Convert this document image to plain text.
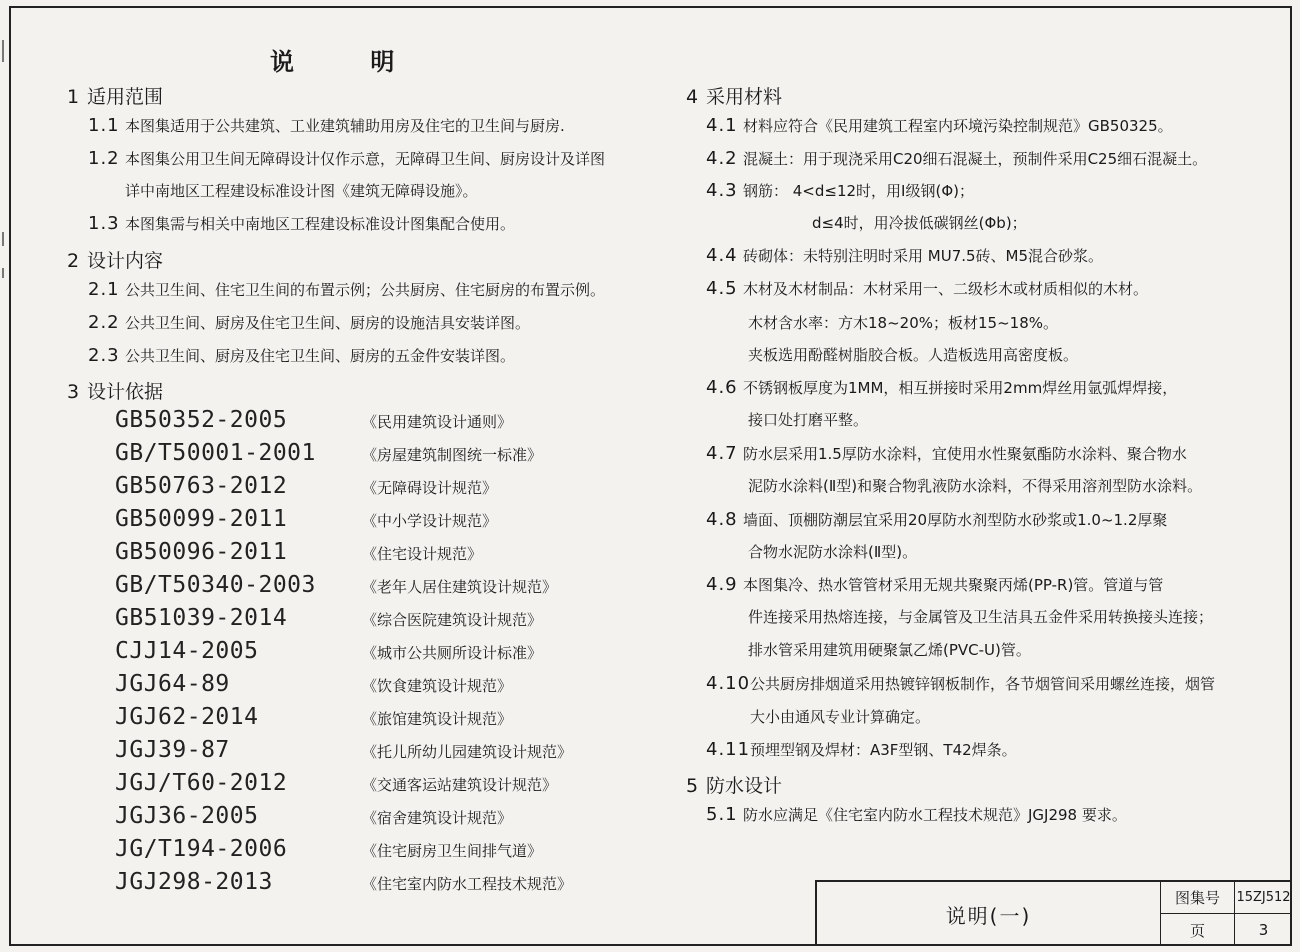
说 明
1 适用范围
1.1 本图集适用于公共建筑、工业建筑辅助用房及住宅的卫生间与厨房.
1.2 本图集公用卫生间无障碍设计仅作示意，无障碍卫生间、厨房设计及详图
详中南地区工程建设标准设计图《建筑无障碍设施》。
1.3 本图集需与相关中南地区工程建设标准设计图集配合使用。
2 设计内容
2.1 公共卫生间、住宅卫生间的布置示例；公共厨房、住宅厨房的布置示例。
2.2 公共卫生间、厨房及住宅卫生间、厨房的设施洁具安装详图。
2.3 公共卫生间、厨房及住宅卫生间、厨房的五金件安装详图。
3 设计依据
GB50352-2005	《民用建筑设计通则》
GB/T50001-2001	《房屋建筑制图统一标准》
GB50763-2012	《无障碍设计规范》
GB50099-2011	《中小学设计规范》
GB50096-2011	《住宅设计规范》
GB/T50340-2003	《老年人居住建筑设计规范》
GB51039-2014	《综合医院建筑设计规范》
CJJ14-2005	《城市公共厕所设计标准》
JGJ64-89	《饮食建筑设计规范》
JGJ62-2014	《旅馆建筑设计规范》
JGJ39-87	《托儿所幼儿园建筑设计规范》
JGJ/T60-2012	《交通客运站建筑设计规范》
JGJ36-2005	《宿舍建筑设计规范》
JG/T194-2006	《住宅厨房卫生间排气道》
JGJ298-2013	《住宅室内防水工程技术规范》
4 采用材料
4.1 材料应符合《民用建筑工程室内环境污染控制规范》GB50325。
4.2 混凝土：用于现浇采用C20细石混凝土，预制件采用C25细石混凝土。
4.3 钢筋： 4<d≤12时，用Ⅰ级钢(Φ)；
d≤4时，用冷拔低碳钢丝(Φb)；
4.4 砖砌体：未特别注明时采用 MU7.5砖、M5混合砂浆。
4.5 木材及木材制品：木材采用一、二级杉木或材质相似的木材。
木材含水率：方木18~20%；板材15~18%。
夹板选用酚醛树脂胶合板。人造板选用高密度板。
4.6 不锈钢板厚度为1MM，相互拼接时采用2mm焊丝用氩弧焊焊接，
接口处打磨平整。
4.7 防水层采用1.5厚防水涂料，宜使用水性聚氨酯防水涂料、聚合物水
泥防水涂料(Ⅱ型)和聚合物乳液防水涂料，不得采用溶剂型防水涂料。
4.8 墙面、顶棚防潮层宜采用20厚防水剂型防水砂浆或1.0~1.2厚聚
合物水泥防水涂料(Ⅱ型)。
4.9 本图集冷、热水管管材采用无规共聚聚丙烯(PP-R)管。管道与管
件连接采用热熔连接，与金属管及卫生洁具五金件采用转换接头连接；
排水管采用建筑用硬聚氯乙烯(PVC-U)管。
4.10公共厨房排烟道采用热镀锌钢板制作，各节烟管间采用螺丝连接，烟管
大小由通风专业计算确定。
4.11预埋型钢及焊材：A3F型钢、T42焊条。
5 防水设计
5.1 防水应满足《住宅室内防水工程技术规范》JGJ298 要求。
说明(一)
图集号	15ZJ512
页	3
